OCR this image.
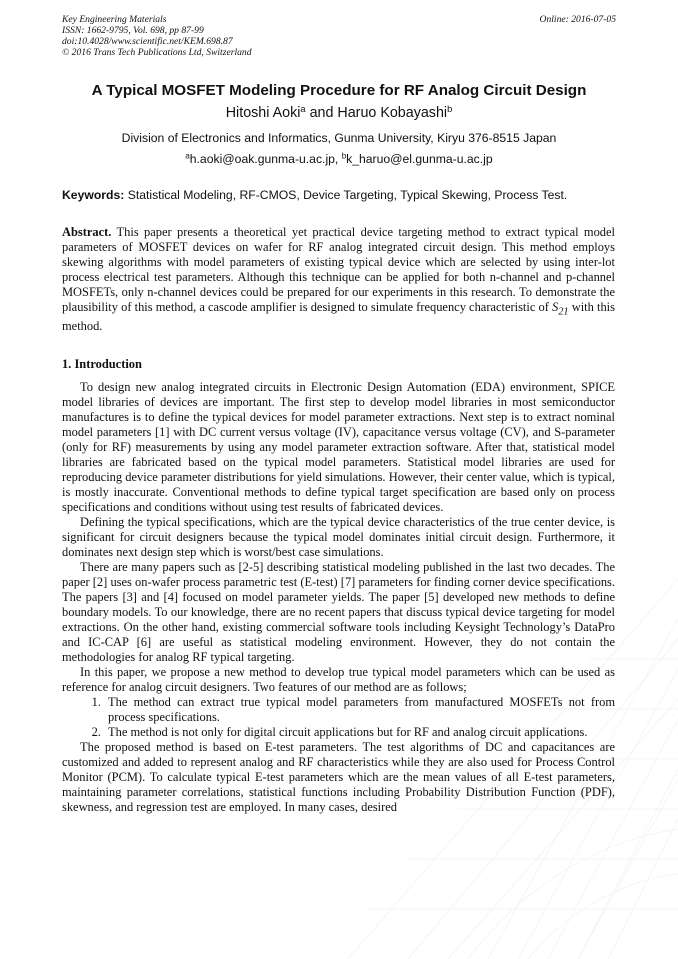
Key Engineering Materials
ISSN: 1662-9795, Vol. 698, pp 87-99
doi:10.4028/www.scientific.net/KEM.698.87
© 2016 Trans Tech Publications Ltd, Switzerland
Online: 2016-07-05
A Typical MOSFET Modeling Procedure for RF Analog Circuit Design
Hitoshi Aoki$^a$ and Haruo Kobayashi$^b$
Division of Electronics and Informatics, Gunma University, Kiryu 376-8515 Japan
$^a$h.aoki@oak.gunma-u.ac.jp, $^b$k_haruo@el.gunma-u.ac.jp
Keywords: Statistical Modeling, RF-CMOS, Device Targeting, Typical Skewing, Process Test.
Abstract. This paper presents a theoretical yet practical device targeting method to extract typical model parameters of MOSFET devices on wafer for RF analog integrated circuit design. This method employs skewing algorithms with model parameters of existing typical device which are selected by using inter-lot process electrical test parameters. Although this technique can be applied for both n-channel and p-channel MOSFETs, only n-channel devices could be prepared for our experiments in this research. To demonstrate the plausibility of this method, a cascode amplifier is designed to simulate frequency characteristic of $S_{21}$ with this method.
1. Introduction

To design new analog integrated circuits in Electronic Design Automation (EDA) environment, SPICE model libraries of devices are important. The first step to develop model libraries in most semiconductor manufactures is to define the typical devices for model parameter extractions. Next step is to extract nominal model parameters [1] with DC current versus voltage (IV), capacitance versus voltage (CV), and S-parameter (only for RF) measurements by using any model parameter extraction software. After that, statistical model libraries are fabricated based on the typical model parameters. Statistical model libraries are used for reproducing device parameter distributions for yield simulations. However, their center value, which is typical, is mostly inaccurate. Conventional methods to define typical target specification are based only on process specifications and conditions without using test results of fabricated devices.

Defining the typical specifications, which are the typical device characteristics of the true center device, is significant for circuit designers because the typical model dominates initial circuit design. Furthermore, it dominates next design step which is worst/best case simulations.

There are many papers such as [2-5] describing statistical modeling published in the last two decades. The paper [2] uses on-wafer process parametric test (E-test) [7] parameters for finding corner device specifications. The papers [3] and [4] focused on model parameter yields. The paper [5] developed new methods to define boundary models. To our knowledge, there are no recent papers that discuss typical device targeting for model extractions. On the other hand, existing commercial software tools including Keysight Technology’s DataPro and IC-CAP [6] are useful as statistical modeling environment. However, they do not contain the methodologies for analog RF typical targeting.

In this paper, we propose a new method to develop true typical model parameters which can be used as reference for analog circuit designers. Two features of our method are as follows;

1. The method can extract true typical model parameters from manufactured MOSFETs not from process specifications.
2. The method is not only for digital circuit applications but for RF and analog circuit applications.

The proposed method is based on E-test parameters. The test algorithms of DC and capacitances are customized and added to represent analog and RF characteristics while they are also used for Process Control Monitor (PCM). To calculate typical E-test parameters which are the mean values of all E-test parameters, maintaining parameter correlations, statistical functions including Probability Distribution Function (PDF), skewness, and regression test are employed. In many cases, desired
